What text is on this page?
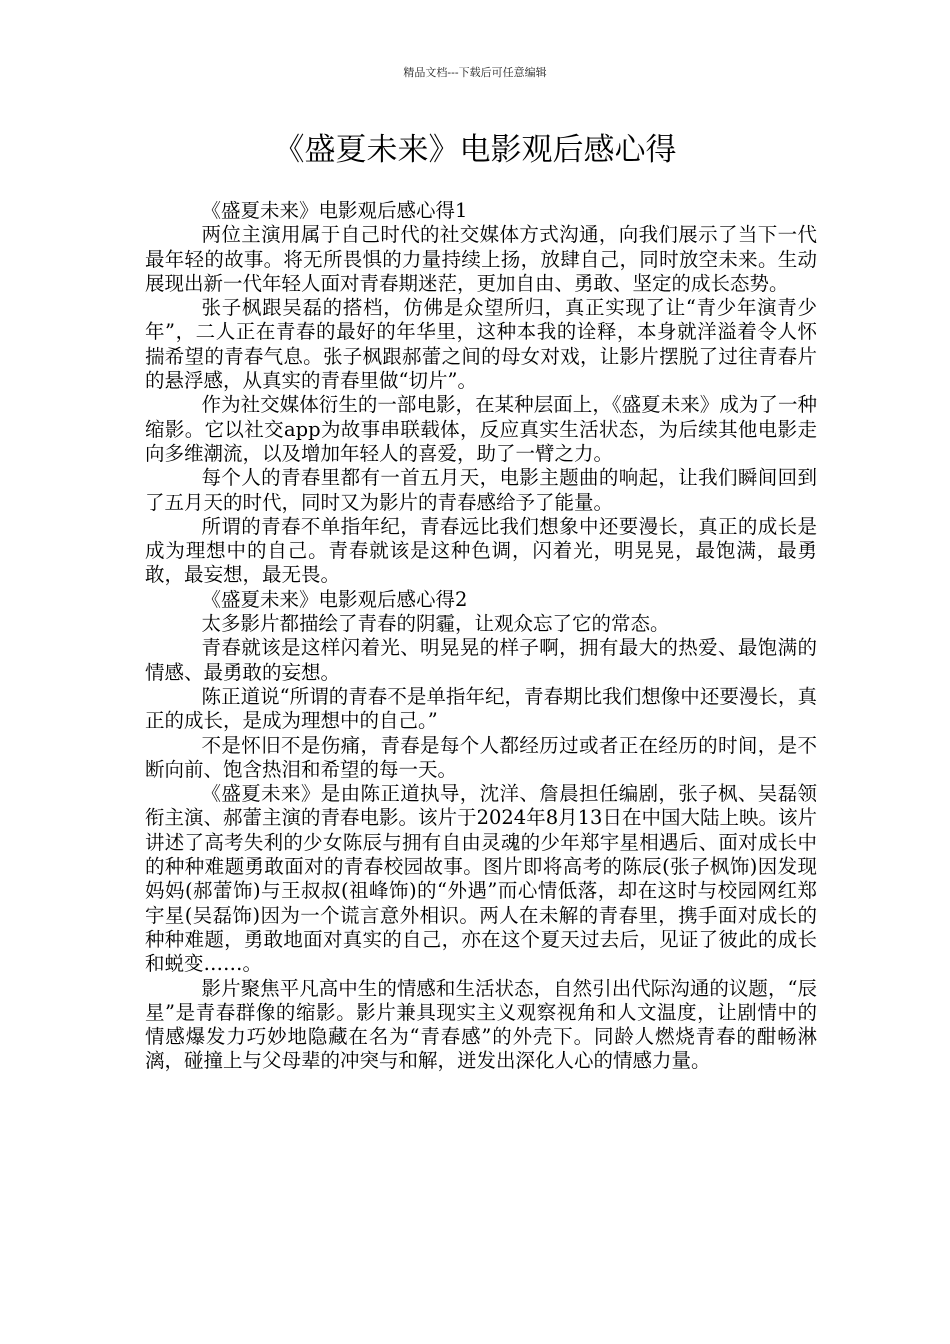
精品文档---下载后可任意编辑
《盛夏未来》电影观后感心得

《盛夏未来》电影观后感心得1

两位主演用属于自己时代的社交媒体方式沟通，向我们展示了当下一代最年轻的故事。将无所畏惧的力量持续上扬，放肆自己，同时放空未来。生动展现出新一代年轻人面对青春期迷茫，更加自由、勇敢、坚定的成长态势。

张子枫跟吴磊的搭档，仿佛是众望所归，真正实现了让“青少年演青少年”，二人正在青春的最好的年华里，这种本我的诠释，本身就洋溢着令人怀揣希望的青春气息。张子枫跟郝蕾之间的母女对戏，让影片摆脱了过往青春片的悬浮感，从真实的青春里做“切片”。

作为社交媒体衍生的一部电影，在某种层面上，《盛夏未来》成为了一种缩影。它以社交app为故事串联载体，反应真实生活状态，为后续其他电影走向多维潮流，以及增加年轻人的喜爱，助了一臂之力。

每个人的青春里都有一首五月天，电影主题曲的响起，让我们瞬间回到了五月天的时代，同时又为影片的青春感给予了能量。

所谓的青春不单指年纪，青春远比我们想象中还要漫长，真正的成长是成为理想中的自己。青春就该是这种色调，闪着光，明晃晃，最饱满，最勇敢，最妄想，最无畏。

《盛夏未来》电影观后感心得2

太多影片都描绘了青春的阴霾，让观众忘了它的常态。

青春就该是这样闪着光、明晃晃的样子啊，拥有最大的热爱、最饱满的情感、最勇敢的妄想。

陈正道说“所谓的青春不是单指年纪，青春期比我们想像中还要漫长，真正的成长，是成为理想中的自己。”

不是怀旧不是伤痛，青春是每个人都经历过或者正在经历的时间，是不断向前、饱含热泪和希望的每一天。

《盛夏未来》是由陈正道执导，沈洋、詹晨担任编剧，张子枫、吴磊领衔主演、郝蕾主演的青春电影。该片于2024年8月13日在中国大陆上映。该片讲述了高考失利的少女陈辰与拥有自由灵魂的少年郑宇星相遇后、面对成长中的种种难题勇敢面对的青春校园故事。图片即将高考的陈辰(张子枫饰)因发现妈妈(郝蕾饰)与王叔叔(祖峰饰)的“外遇”而心情低落，却在这时与校园网红郑宇星(吴磊饰)因为一个谎言意外相识。两人在未解的青春里，携手面对成长的种种难题，勇敢地面对真实的自己，亦在这个夏天过去后，见证了彼此的成长和蜕变……。

影片聚焦平凡高中生的情感和生活状态，自然引出代际沟通的议题，“辰星”是青春群像的缩影。影片兼具现实主义观察视角和人文温度，让剧情中的情感爆发力巧妙地隐藏在名为“青春感”的外壳下。同龄人燃烧青春的酣畅淋漓，碰撞上与父母辈的冲突与和解，迸发出深化人心的情感力量。
